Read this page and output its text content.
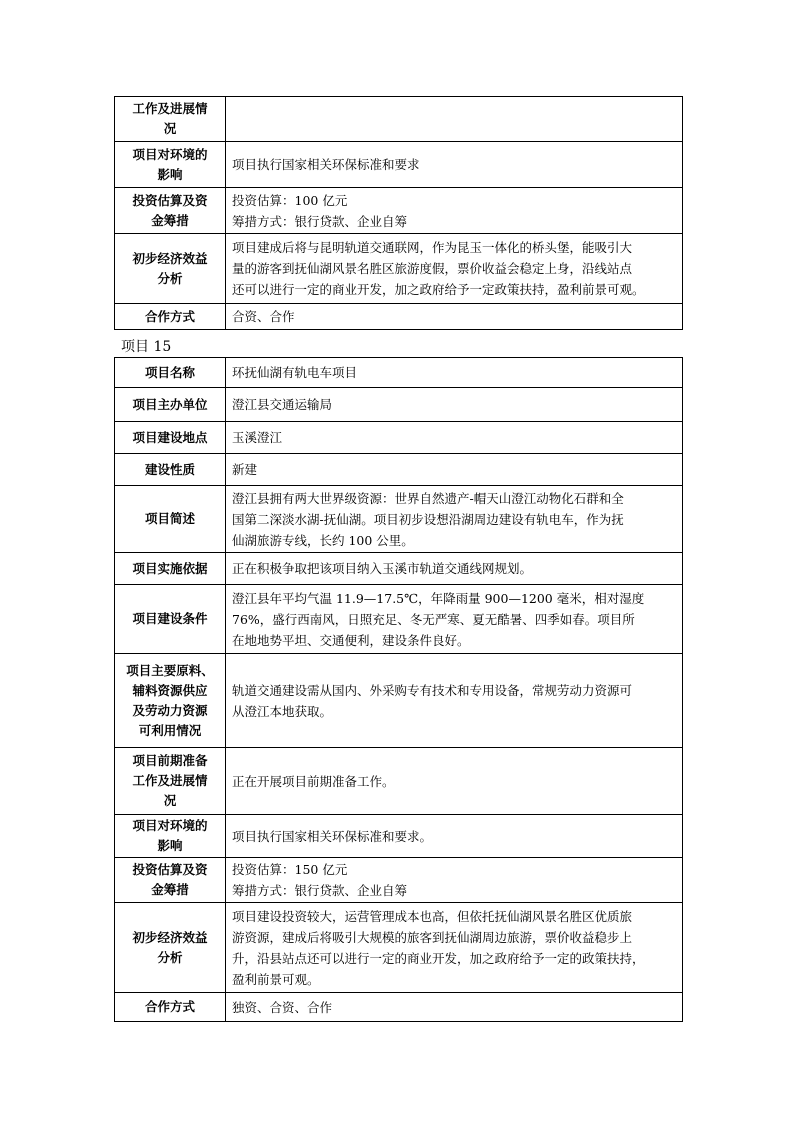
工作及进展情
况	

项目对环境的
影响	项目执行国家相关环保标准和要求

投资估算及资
金筹措	投资估算：100 亿元
筹措方式：银行贷款、企业自筹

初步经济效益
分析	项目建成后将与昆明轨道交通联网，作为昆玉一体化的桥头堡，能吸引大
量的游客到抚仙湖风景名胜区旅游度假，票价收益会稳定上身，沿线站点
还可以进行一定的商业开发，加之政府给予一定政策扶持，盈利前景可观。

合作方式	合资、合作
项目 15
项目名称	环抚仙湖有轨电车项目

项目主办单位	澄江县交通运输局

项目建设地点	玉溪澄江

建设性质	新建

项目简述	澄江县拥有两大世界级资源：世界自然遗产-帽天山澄江动物化石群和全
国第二深淡水湖-抚仙湖。项目初步设想沿湖周边建设有轨电车，作为抚
仙湖旅游专线，长约 100 公里。

项目实施依据	正在积极争取把该项目纳入玉溪市轨道交通线网规划。

项目建设条件	澄江县年平均气温 11.9—17.5℃，年降雨量 900—1200 毫米，相对湿度
76%，盛行西南风，日照充足、冬无严寒、夏无酷暑、四季如春。项目所
在地地势平坦、交通便利，建设条件良好。

项目主要原料、
辅料资源供应
及劳动力资源
可利用情况	轨道交通建设需从国内、外采购专有技术和专用设备，常规劳动力资源可
从澄江本地获取。

项目前期准备
工作及进展情
况	正在开展项目前期准备工作。

项目对环境的
影响	项目执行国家相关环保标准和要求。

投资估算及资
金筹措	投资估算：150 亿元
筹措方式：银行贷款、企业自筹

初步经济效益
分析	项目建设投资较大，运营管理成本也高，但依托抚仙湖风景名胜区优质旅
游资源，建成后将吸引大规模的旅客到抚仙湖周边旅游，票价收益稳步上
升，沿县站点还可以进行一定的商业开发，加之政府给予一定的政策扶持，
盈利前景可观。

合作方式	独资、合资、合作
